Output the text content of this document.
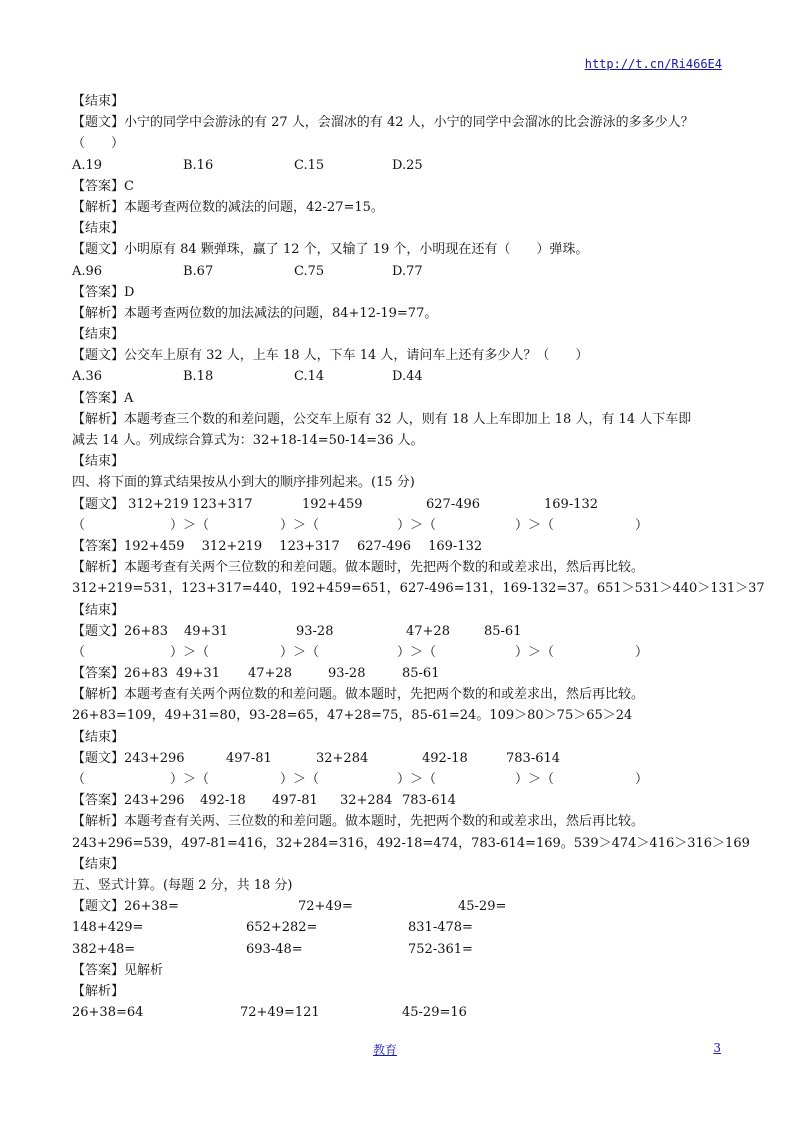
http://t.cn/Ri466E4
【结束】
【题文】小宁的同学中会游泳的有 27 人，会溜冰的有 42 人，小宁的同学中会溜冰的比会游泳的多多少人？
（　　）
A.19	B.16	C.15	D.25
【答案】C
【解析】本题考查两位数的减法的问题，42-27=15。
【结束】
【题文】小明原有 84 颗弹珠，赢了 12 个，又输了 19 个，小明现在还有（　　）弹珠。
A.96	B.67	C.75	D.77
【答案】D
【解析】本题考查两位数的加法减法的问题，84+12-19=77。
【结束】
【题文】公交车上原有 32 人，上车 18 人，下车 14 人，请问车上还有多少人？（　　）
A.36	B.18	C.14	D.44
【答案】A
【解析】本题考查三个数的和差问题，公交车上原有 32 人，则有 18 人上车即加上 18 人，有 14 人下车即
减去 14 人。列成综合算式为：32+18-14=50-14=36 人。
【结束】
四、将下面的算式结果按从小到大的顺序排列起来。(15 分)
【题文】 312+219 123+317	192+459	627-496	169-132
（	）＞（	）＞（	）＞（	）＞（	）
【答案】192+459　 312+219　 123+317　 627-496　 169-132
【解析】本题考查有关两个三位数的和差问题。做本题时，先把两个数的和或差求出，然后再比较。
312+219=531，123+317=440，192+459=651，627-496=131，169-132=37。651＞531＞440＞131＞37
【结束】
【题文】26+83 49+31	93-28	47+28	85-61
（	）＞（	）＞（	）＞（	）＞（	）
【答案】26+83 49+31 47+28	93-28	85-61
【解析】本题考查有关两个两位数的和差问题。做本题时，先把两个数的和或差求出，然后再比较。
26+83=109，49+31=80，93-28=65，47+28=75，85-61=24。109＞80＞75＞65＞24
【结束】
【题文】243+296	497-81	32+284	492-18	783-614
（	）＞（	）＞（	）＞（	）＞（	）
【答案】243+296 492-18 497-81 32+284 783-614
【解析】本题考查有关两、三位数的和差问题。做本题时，先把两个数的和或差求出，然后再比较。
243+296=539，497-81=416，32+284=316，492-18=474，783-614=169。539＞474＞416＞316＞169
【结束】
五、竖式计算。(每题 2 分，共 18 分)
【题文】26+38=	72+49=	45-29=
148+429=	652+282=	831-478=
382+48=	693-48=	752-361=
【答案】见解析
【解析】
26+38=64	72+49=121	45-29=16
教育	3
